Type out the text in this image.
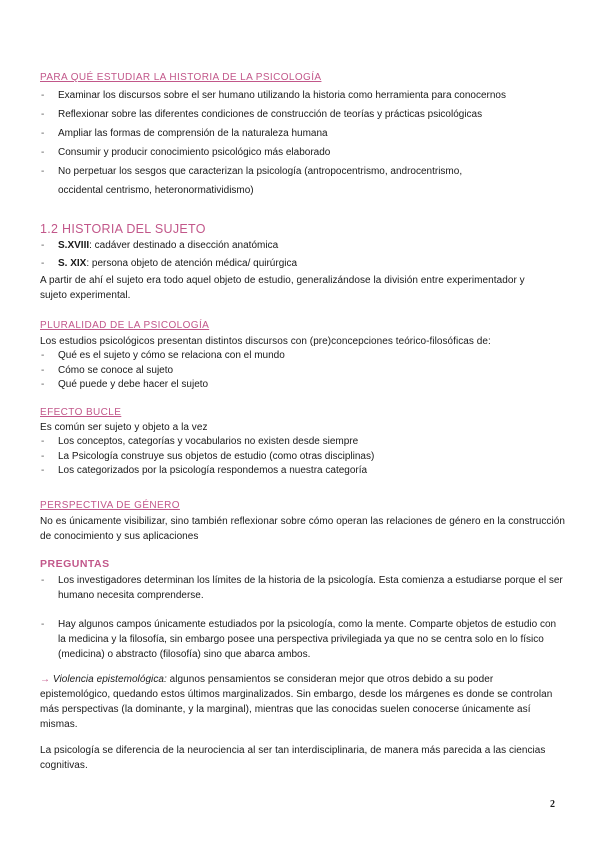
PARA QUÉ ESTUDIAR LA HISTORIA DE LA PSICOLOGÍA
- Examinar los discursos sobre el ser humano utilizando la historia como herramienta para conocernos
- Reflexionar sobre las diferentes condiciones de construcción de teorías y prácticas psicológicas
- Ampliar las formas de comprensión de la naturaleza humana
- Consumir y producir conocimiento psicológico más elaborado
- No perpetuar los sesgos que caracterizan la psicología (antropocentrismo, androcentrismo, occidental centrismo, heteronormatividismo)
1.2 HISTORIA DEL SUJETO
- S.XVIII: cadáver destinado a disección anatómica
- S. XIX: persona objeto de atención médica/ quirúrgica
A partir de ahí el sujeto era todo aquel objeto de estudio, generalizándose la división entre experimentador y sujeto experimental.
PLURALIDAD DE LA PSICOLOGÍA
Los estudios psicológicos presentan distintos discursos con (pre)concepciones teórico-filosóficas de:
- Qué es el sujeto y cómo se relaciona con el mundo
- Cómo se conoce al sujeto
- Qué puede y debe hacer el sujeto
EFECTO BUCLE
Es común ser sujeto y objeto a la vez
- Los conceptos, categorías y vocabularios no existen desde siempre
- La Psicología construye sus objetos de estudio (como otras disciplinas)
- Los categorizados por la psicología respondemos a nuestra categoría
PERSPECTIVA DE GÉNERO
No es únicamente visibilizar, sino también reflexionar sobre cómo operan las relaciones de género en la construcción de conocimiento y sus aplicaciones
PREGUNTAS
- Los investigadores determinan los límites de la historia de la psicología. Esta comienza a estudiarse porque el ser humano necesita comprenderse.
- Hay algunos campos únicamente estudiados por la psicología, como la mente. Comparte objetos de estudio con la medicina y la filosofía, sin embargo posee una perspectiva privilegiada ya que no se centra solo en lo físico (medicina) o abstracto (filosofía) sino que abarca ambos.
→ Violencia epistemológica: algunos pensamientos se consideran mejor que otros debido a su poder epistemológico, quedando estos últimos marginalizados. Sin embargo, desde los márgenes es donde se controlan más perspectivas (la dominante, y la marginal), mientras que las conocidas suelen conocerse únicamente así mismas.
La psicología se diferencia de la neurociencia al ser tan interdisciplinaria, de manera más parecida a las ciencias cognitivas.
2
